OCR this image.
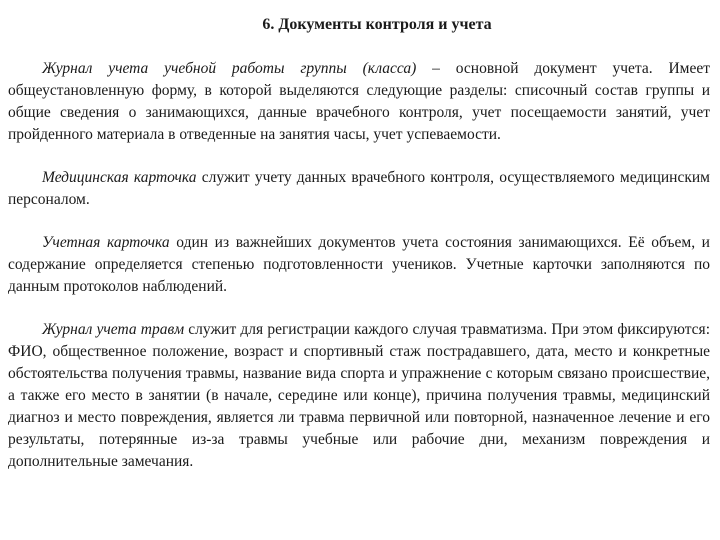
6. Документы контроля и учета

Журнал учета учебной работы группы (класса) – основной документ учета. Имеет общеустановленную форму, в которой выделяются следующие разделы: списочный состав группы и общие сведения о занимающихся, данные врачебного контроля, учет посещаемости занятий, учет пройденного материала в отведенные на занятия часы, учет успеваемости.

Медицинская карточка служит учету данных врачебного контроля, осуществляемого медицинским персоналом.

Учетная карточка один из важнейших документов учета состояния занимающихся. Её объем, и содержание определяется степенью подготовленности учеников. Учетные карточки заполняются по данным протоколов наблюдений.

Журнал учета травм служит для регистрации каждого случая травматизма. При этом фиксируются: ФИО, общественное положение, возраст и спортивный стаж пострадавшего, дата, место и конкретные обстоятельства получения травмы, название вида спорта и упражнение с которым связано происшествие, а также его место в занятии (в начале, середине или конце), причина получения травмы, медицинский диагноз и место повреждения, является ли травма первичной или повторной, назначенное лечение и его результаты, потерянные из-за травмы учебные или рабочие дни, механизм повреждения и дополнительные замечания.
